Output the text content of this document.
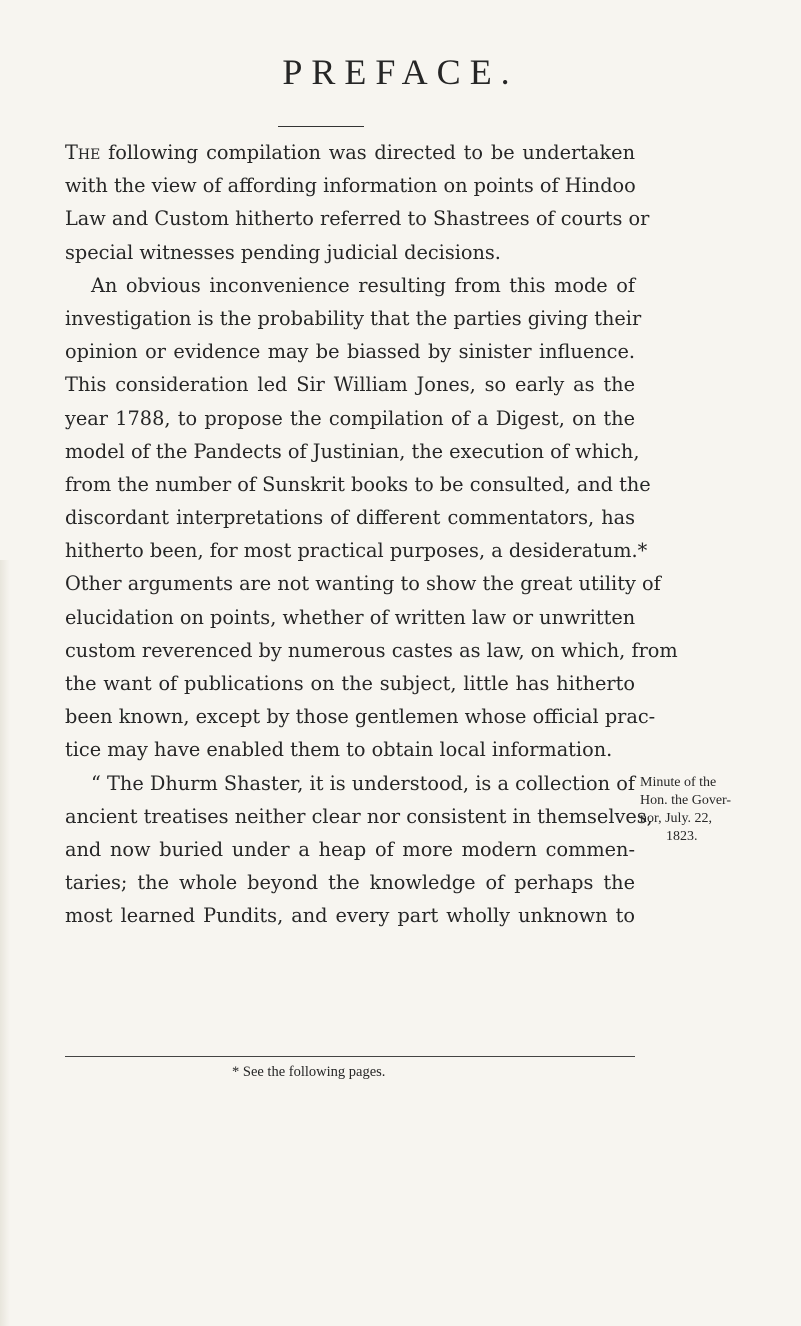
PREFACE.
The following compilation was directed to be undertaken
with the view of affording information on points of Hindoo
Law and Custom hitherto referred to Shastrees of courts or
special witnesses pending judicial decisions.
An obvious inconvenience resulting from this mode of
investigation is the probability that the parties giving their
opinion or evidence may be biassed by sinister influence.
This consideration led Sir William Jones, so early as the
year 1788, to propose the compilation of a Digest, on the
model of the Pandects of Justinian, the execution of which,
from the number of Sunskrit books to be consulted, and the
discordant interpretations of different commentators, has
hitherto been, for most practical purposes, a desideratum.*
Other arguments are not wanting to show the great utility of
elucidation on points, whether of written law or unwritten
custom reverenced by numerous castes as law, on which, from
the want of publications on the subject, little has hitherto
been known, except by those gentlemen whose official prac-
tice may have enabled them to obtain local information.
“ The Dhurm Shaster, it is understood, is a collection of
ancient treatises neither clear nor consistent in themselves,
and now buried under a heap of more modern commen-
taries; the whole beyond the knowledge of perhaps the
most learned Pundits, and every part wholly unknown to
Minute of the
Hon. the Gover-
nor, July. 22,
1823.
* See the following pages.
